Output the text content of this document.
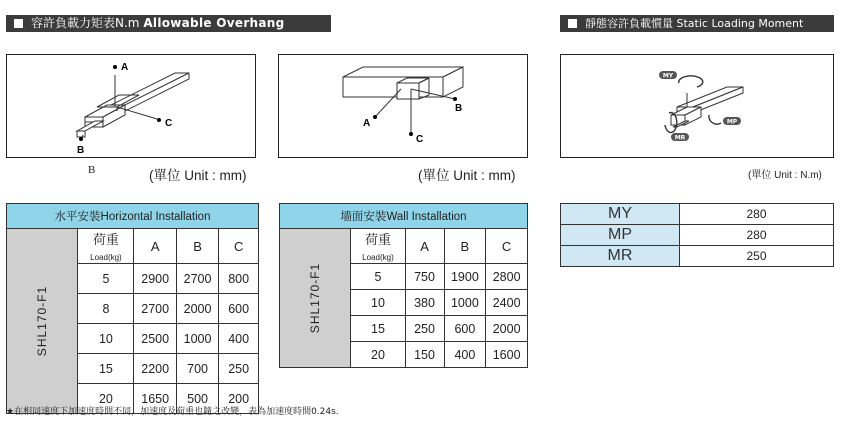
容許負載力矩表N.m Allowable Overhang	靜態容許負載慣量 Static Loading Moment
A
C
B
B	(單位 Unit : mm)
A
C
B
(單位 Unit : mm)
MY
MP
MR
(單位 Unit : N.m)
水平安裝Horizontal Installation				
SHL170-F1	荷重 Load(kg)	A	B	C
	5	2900	2700	800
	8	2700	2000	600
	10	2500	1000	400
	15	2200	700	250
	20	1650	500	200
墻面安裝Wall Installation				
SHL170-F1	荷重 Load(kg)	A	B	C
	5	750	1900	2800
	10	380	1000	2400
	15	250	600	2000
	20	150	400	1600
MY	280
MP	280
MR	250
★在相同速度下加速度時間不同，加速度及荷重也隨之改變，表為加速度時間0.24s.
